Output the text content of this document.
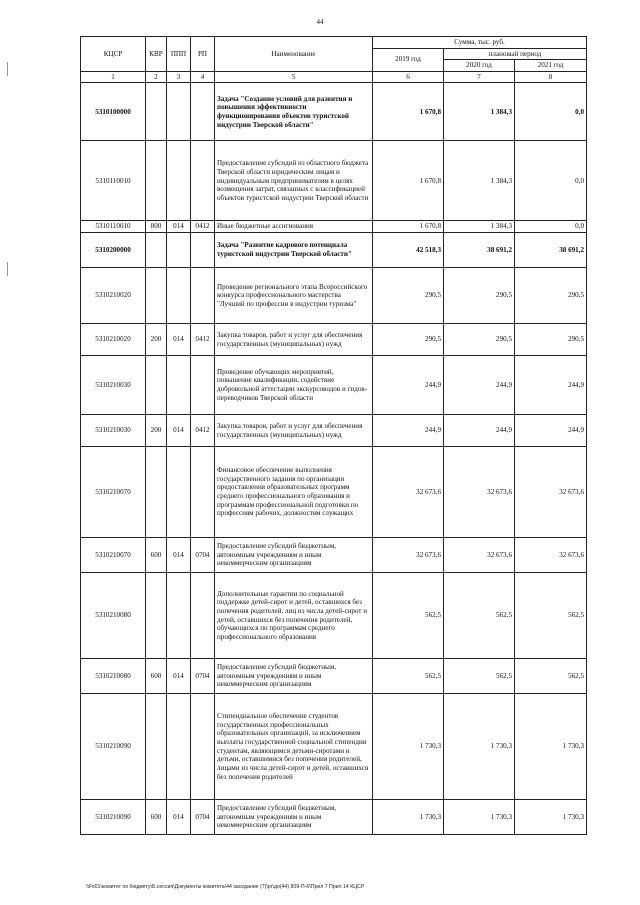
44
КЦСР	КВР	ППП	РП	Наименование	Сумма, тыс. руб.		
					2019 год	плановый период	
						2020 год	2021 год
1	2	3	4	5	6	7	8
5310100000				Задача "Создание условий для развития и повышения эффективности функционирования объектов туристской индустрии Тверской области"	1 670,8	1 384,3	0,0
5310110010				Предоставление субсидий из областного бюджета Тверской области юридическим лицам и индивидуальным предпринимателям в целях возмещения затрат, связанных с классификацией объектов туристской индустрии Тверской области	1 670,8	1 384,3	0,0
5310110010	800	014	0412	Иные бюджетные ассигнования	1 670,8	1 384,3	0,0
5310200000				Задача "Развитие кадрового потенциала туристской индустрии Тверской области"	42 518,3	38 691,2	38 691,2
5310210020				Проведение регионального этапа Всероссийского конкурса профессионального мастерства "Лучший по профессии в индустрии туризма"	290,5	290,5	290,5
5310210020	200	014	0412	Закупка товаров, работ и услуг для обеспечения государственных (муниципальных) нужд	290,5	290,5	290,5
5310210030				Проведение обучающих мероприятий, повышение квалификации, содействие добровольной аттестации экскурсоводов и гидов-переводчиков Тверской области	244,9	244,9	244,9
5310210030	200	014	0412	Закупка товаров, работ и услуг для обеспечения государственных (муниципальных) нужд	244,9	244,9	244,9
5310210070				Финансовое обеспечение выполнения государственного задания по организации предоставления образовательных программ среднего профессионального образования и программам профессиональной подготовки по профессиям рабочих, должностям служащих	32 673,6	32 673,6	32 673,6
5310210070	600	014	0704	Предоставление субсидий бюджетным, автономным учреждениям и иным некоммерческим организациям	32 673,6	32 673,6	32 673,6
5310210080				Дополнительные гарантии по социальной поддержке детей-сирот и детей, оставшихся без попечения родителей, лиц из числа детей-сирот и детей, оставшихся без попечения родителей, обучающихся по программам среднего профессионального образования	562,5	562,5	562,5
5310210080	600	014	0704	Предоставление субсидий бюджетным, автономным учреждениям и иным некоммерческим организациям	562,5	562,5	562,5
5310210090				Стипендиальное обеспечение студентов государственных профессиональных образовательных организаций, за исключением выплаты государственной социальной стипендии студентам, являющимся детьми-сиротами и детьми, оставшимися без попечения родителей, лицами из числа детей-сирот и детей, оставшихся без попечения родителей	1 730,3	1 730,3	1 730,3
5310210090	600	014	0704	Предоставление субсидий бюджетным, автономным учреждениям и иным некоммерческим организациям	1 730,3	1 730,3	1 730,3
\\Fs01\комитет по бюджету\Б.сессия\Документы комитета\44 заседание (7)\рг\до(44) 809-П-6\Прил 7 Прил 14 КЦСР
